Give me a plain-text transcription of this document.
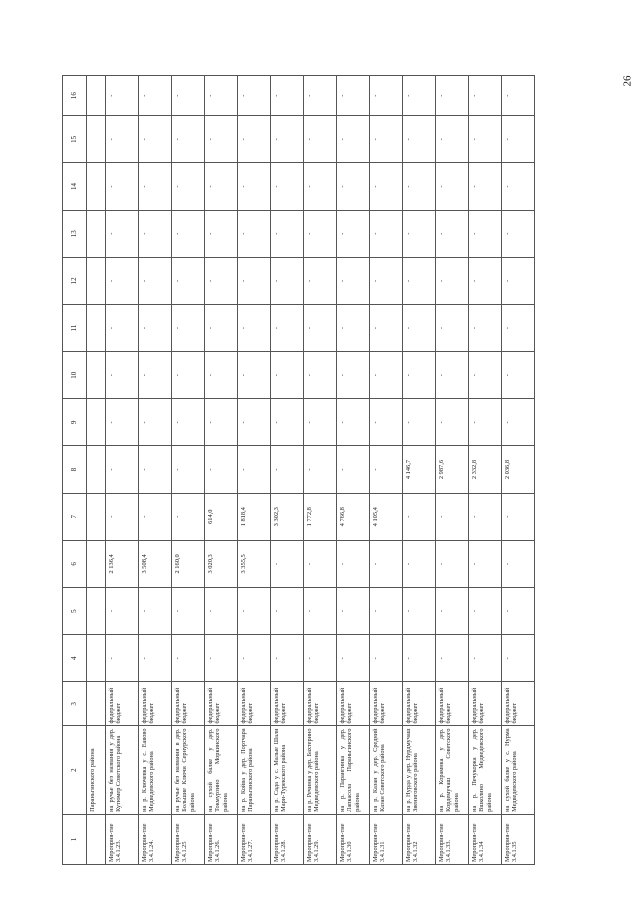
26
1	2	3	4	5	6	7	8	9	10	11	12	13	14	15	16
	Параньгинского района														
Мероприя-тие 3.4.1.23.	на ручье без названия у дер. Кутюмер Советского района	федеральный бюджет	-	-	2 136,4	-	-	-	-	-	-	-	-	-	-
Мероприя-тие 3.4.1.24.	на р. Ключевка у с. Еавово Медведевского района	федеральный бюджет	-	-	3 508,4	-	-	-	-	-	-	-	-	-	-
Мероприя-тие 3.4.1.25	на ручье без названия в дер. Большие Ключи Сернурского района	федеральный бюджет	-	-	2 160,0	-	-	-	-	-	-	-	-	-	-
Мероприя-тие 3.4.1.26.	на сухой балке у дер. Токмурзино Моркинского района	федеральный бюджет	-	-	3 020,3	614,0	-	-	-	-	-	-	-	-	-
Мероприя-тие 3.4.1.27.	на р. Койва у дер. Портчара Параньгинского района	федеральный бюджет	-	-	3 355,5	1 818,4	-	-	-	-	-	-	-	-	-
Мероприя-тие 3.4.1.28.	на р. Сада у с. Малые Шали Мари-Турекского района	федеральный бюджет	-	-	-	3 302,3	-	-	-	-	-	-	-	-	-
Мероприя-тие 3.4.1.29.	на р. Речинка у дер. Бахтерино Медведевского района	федеральный бюджет	-	-	-	1 772,8	-	-	-	-	-	-	-	-	-
Мероприя-тие 3.4.1.30	на р. Парангинка у дер. Лапкасола Параньгинского района	федеральный бюджет	-	-	-	4 766,8	-	-	-	-	-	-	-	-	-
Мероприя-тие 3.4.1.31	на р. Казан у дер. Средний Казан Советского района	федеральный бюджет	-	-	-	4 105,4	-	-	-	-	-	-	-	-	-
Мероприя-тие 3.4.1.32	на р. Нурда у дер. Нурдмучаш Звениговского района	федеральный бюджет	-	-	-	-	4 146,7	-	-	-	-	-	-	-	-
Мероприя-тие 3.4.1.33.	на р. Корамнка у дер. Кордемучаш Советского района	федеральный бюджет	-	-	-	-	2 987,6	-	-	-	-	-	-	-	-
Мероприя-тие 3.4.1.34	на р. Печукорка у дер. Вшколино Медведевского района	федеральный бюджет	-	-	-	-	2 332,8	-	-	-	-	-	-	-	-
Мероприя-тие 3.4.1.35	на сухой балке у с. Нурма Медведевского района	федеральный бюджет	-	-	-	-	2 036,8	-	-	-	-	-	-	-	-
